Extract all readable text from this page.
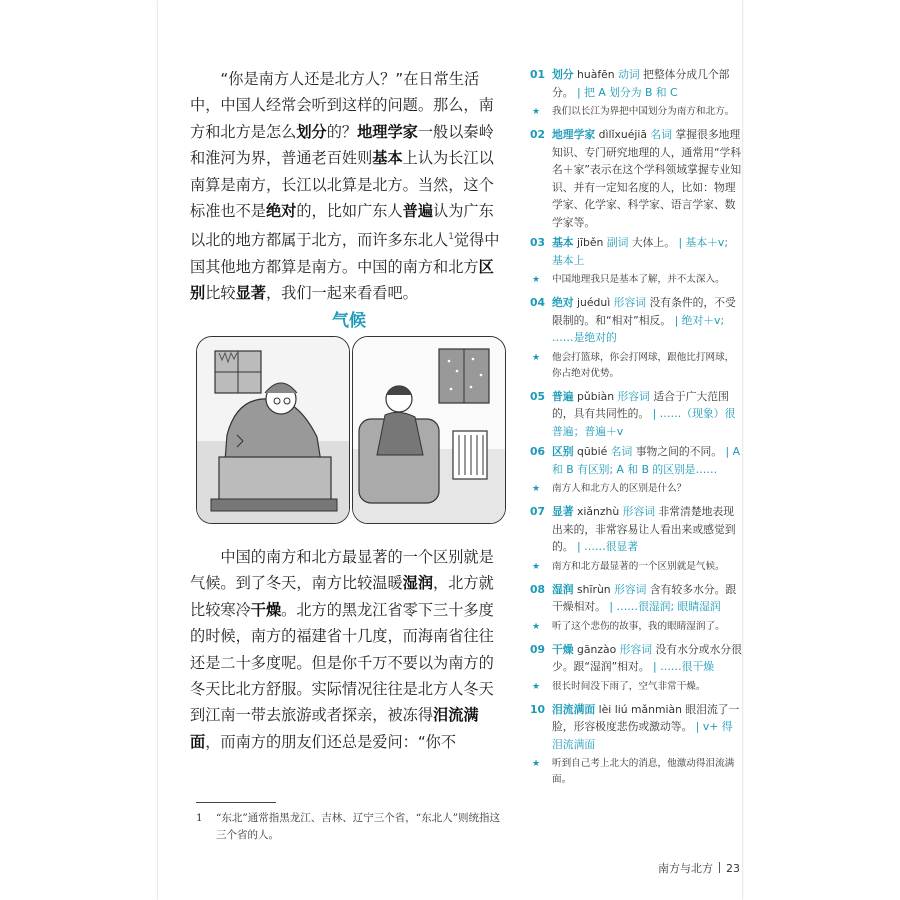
“你是南方人还是北方人？”在日常生活中，中国人经常会听到这样的问题。那么，南方和北方是怎么划分的？地理学家一般以秦岭和淮河为界，普通老百姓则基本上认为长江以南算是南方，长江以北算是北方。当然，这个标准也不是绝对的，比如广东人普遍认为广东以北的地方都属于北方，而许多东北人$^1$觉得中国其他地方都算是南方。中国的南方和北方区别比较显著，我们一起来看看吧。

气候

中国的南方和北方最显著的一个区别就是气候。到了冬天，南方比较温暖湿润，北方就比较寒冷干燥。北方的黑龙江省零下三十多度的时候，南方的福建省十几度，而海南省往往还是二十多度呢。但是你千万不要以为南方的冬天比北方舒服。实际情况往往是北方人冬天到江南一带去旅游或者探亲，被冻得泪流满面，而南方的朋友们还总是爱问：“你不

1 “东北”通常指黑龙江、吉林、辽宁三个省，“东北人”则统指这三个省的人。
01 划分 huàfēn 动词 把整体分成几个部分。 | 把 A 划分为 B 和 C
★ 我们以长江为界把中国划分为南方和北方。
02 地理学家 dìlǐxuéjiā 名词 掌握很多地理知识、专门研究地理的人，通常用“学科名＋家”表示在这个学科领域掌握专业知识、并有一定知名度的人，比如：物理学家、化学家、科学家、语言学家、数学家等。
03 基本 jīběn 副词 大体上。 | 基本＋v; 基本上
★ 中国地理我只是基本了解，并不太深入。
04 绝对 juéduì 形容词 没有条件的，不受限制的。和“相对”相反。 | 绝对＋v; ……是绝对的
★ 他会打篮球，你会打网球，跟他比打网球，你占绝对优势。
05 普遍 pǔbiàn 形容词 适合于广大范围的，具有共同性的。 | ……（现象）很普遍；普遍＋v
06 区别 qūbié 名词 事物之间的不同。 | A 和 B 有区别; A 和 B 的区别是……
★ 南方人和北方人的区别是什么？
07 显著 xiǎnzhù 形容词 非常清楚地表现出来的，非常容易让人看出来或感觉到的。 | ……很显著
★ 南方和北方最显著的一个区别就是气候。
08 湿润 shīrùn 形容词 含有较多水分。跟干燥相对。 | ……很湿润; 眼睛湿润
★ 听了这个悲伤的故事，我的眼睛湿润了。
09 干燥 gānzào 形容词 没有水分或水分很少。跟“湿润”相对。 | ……很干燥
★ 很长时间没下雨了，空气非常干燥。
10 泪流满面 lèi liú mǎnmiàn 眼泪流了一脸，形容极度悲伤或激动等。 | v+ 得泪流满面
★ 听到自己考上北大的消息，他激动得泪流满面。
南方与北方 23
